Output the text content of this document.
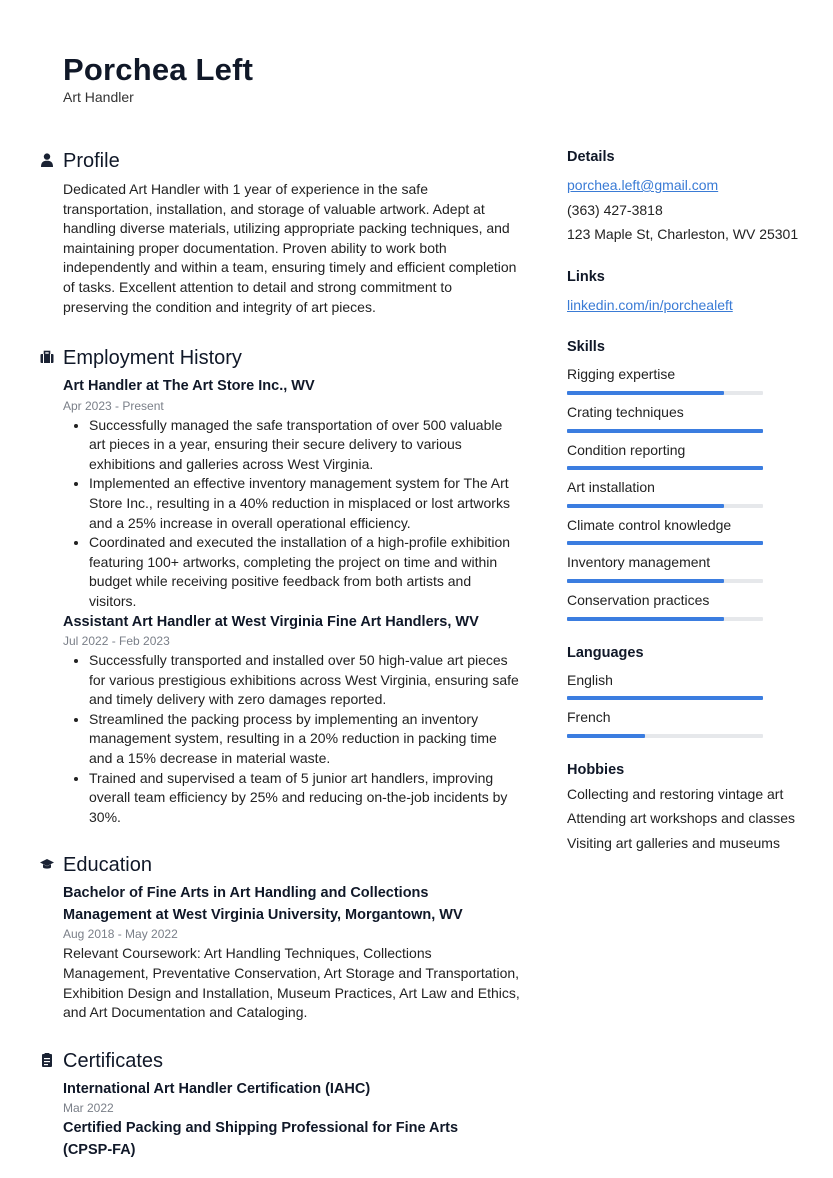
Porchea Left
Art Handler
Profile
Dedicated Art Handler with 1 year of experience in the safe transportation, installation, and storage of valuable artwork. Adept at handling diverse materials, utilizing appropriate packing techniques, and maintaining proper documentation. Proven ability to work both independently and within a team, ensuring timely and efficient completion of tasks. Excellent attention to detail and strong commitment to preserving the condition and integrity of art pieces.
Employment History
Art Handler at The Art Store Inc., WV
Apr 2023 - Present
• Successfully managed the safe transportation of over 500 valuable art pieces in a year, ensuring their secure delivery to various exhibitions and galleries across West Virginia.
• Implemented an effective inventory management system for The Art Store Inc., resulting in a 40% reduction in misplaced or lost artworks and a 25% increase in overall operational efficiency.
• Coordinated and executed the installation of a high-profile exhibition featuring 100+ artworks, completing the project on time and within budget while receiving positive feedback from both artists and visitors.
Assistant Art Handler at West Virginia Fine Art Handlers, WV
Jul 2022 - Feb 2023
• Successfully transported and installed over 50 high-value art pieces for various prestigious exhibitions across West Virginia, ensuring safe and timely delivery with zero damages reported.
• Streamlined the packing process by implementing an inventory management system, resulting in a 20% reduction in packing time and a 15% decrease in material waste.
• Trained and supervised a team of 5 junior art handlers, improving overall team efficiency by 25% and reducing on-the-job incidents by 30%.
Education
Bachelor of Fine Arts in Art Handling and Collections Management at West Virginia University, Morgantown, WV
Aug 2018 - May 2022
Relevant Coursework: Art Handling Techniques, Collections Management, Preventative Conservation, Art Storage and Transportation, Exhibition Design and Installation, Museum Practices, Art Law and Ethics, and Art Documentation and Cataloging.
Certificates
International Art Handler Certification (IAHC)
Mar 2022
Certified Packing and Shipping Professional for Fine Arts (CPSP-FA)
Details
porchea.left@gmail.com
(363) 427-3818
123 Maple St, Charleston, WV 25301
Links
linkedin.com/in/porchealeft
Skills
Rigging expertise
Crating techniques
Condition reporting
Art installation
Climate control knowledge
Inventory management
Conservation practices
Languages
English
French
Hobbies
Collecting and restoring vintage art
Attending art workshops and classes
Visiting art galleries and museums
